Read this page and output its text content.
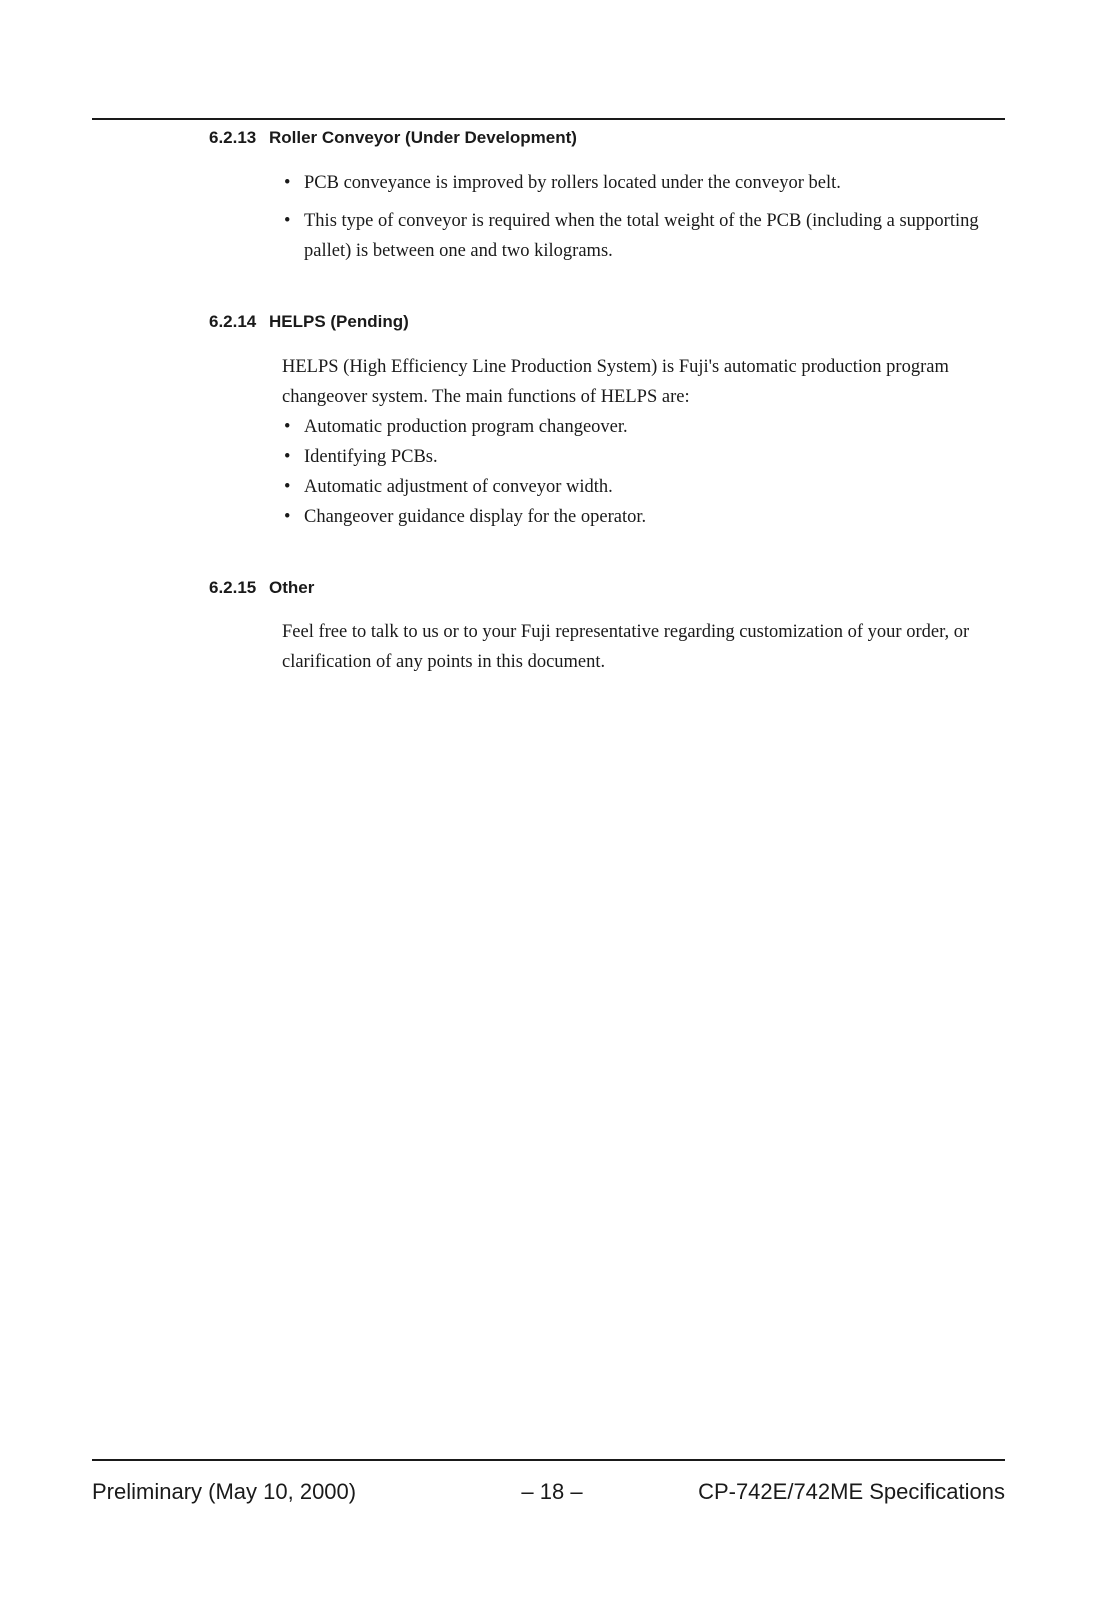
6.2.13 Roller Conveyor (Under Development)
• PCB conveyance is improved by rollers located under the conveyor belt.
• This type of conveyor is required when the total weight of the PCB (including a supporting pallet) is between one and two kilograms.
6.2.14 HELPS (Pending)
HELPS (High Efficiency Line Production System) is Fuji's automatic production program changeover system. The main functions of HELPS are:
• Automatic production program changeover.
• Identifying PCBs.
• Automatic adjustment of conveyor width.
• Changeover guidance display for the operator.
6.2.15 Other
Feel free to talk to us or to your Fuji representative regarding customization of your order, or clarification of any points in this document.
Preliminary (May 10, 2000)	– 18 –	CP-742E/742ME Specifications
